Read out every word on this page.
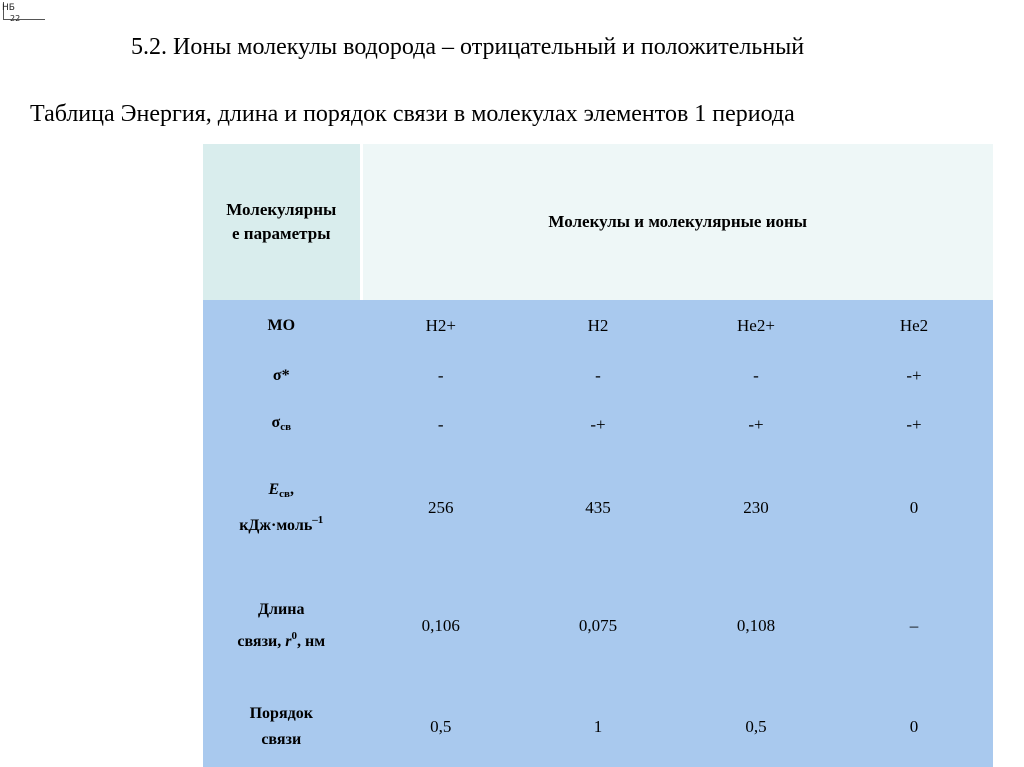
НБ
5.2. Ионы молекулы водорода – отрицательный и положительный
Таблица Энергия, длина и порядок связи в молекулах элементов 1 периода
Молекулярны
е параметры	Молекулы и молекулярные ионы			
МО	H2+	H2	He2+	He2
σ*	-	-	-	-+
$\sigma_{св}$	-	-+	-+	-+
$E_{св}$,
кДж·моль$^{-1}$	256	435	230	0
Длина
связи, $r^0$, нм	0,106	0,075	0,108	–
Порядок
связи	0,5	1	0,5	0
